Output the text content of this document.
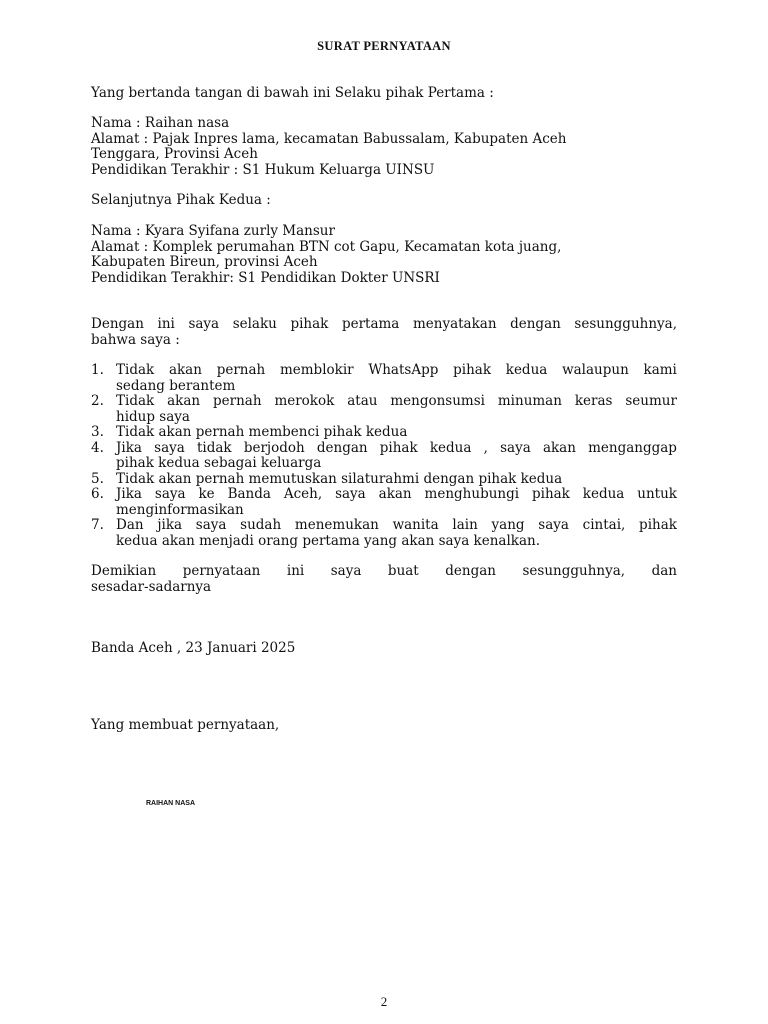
SURAT PERNYATAAN
Yang bertanda tangan di bawah ini Selaku pihak Pertama :
Nama : Raihan nasa
Alamat : Pajak Inpres lama, kecamatan Babussalam, Kabupaten Aceh
Tenggara, Provinsi Aceh
Pendidikan Terakhir : S1 Hukum Keluarga UINSU
Selanjutnya Pihak Kedua :
Nama : Kyara Syifana zurly Mansur
Alamat : Komplek perumahan BTN cot Gapu, Kecamatan kota juang,
Kabupaten Bireun, provinsi Aceh
Pendidikan Terakhir: S1 Pendidikan Dokter UNSRI
Dengan ini saya selaku pihak pertama menyatakan dengan sesungguhnya,
bahwa saya :
1. Tidak akan pernah memblokir WhatsApp pihak kedua walaupun kami
sedang berantem
2. Tidak akan pernah merokok atau mengonsumsi minuman keras seumur
hidup saya
3. Tidak akan pernah membenci pihak kedua
4. Jika saya tidak berjodoh dengan pihak kedua , saya akan menganggap
pihak kedua sebagai keluarga
5. Tidak akan pernah memutuskan silaturahmi dengan pihak kedua
6. Jika saya ke Banda Aceh, saya akan menghubungi pihak kedua untuk
menginformasikan
7. Dan jika saya sudah menemukan wanita lain yang saya cintai, pihak
kedua akan menjadi orang pertama yang akan saya kenalkan.
Demikian pernyataan ini saya buat dengan sesungguhnya, dan
sesadar-sadarnya
Banda Aceh , 23 Januari 2025
Yang membuat pernyataan,
RAIHAN NASA
2
